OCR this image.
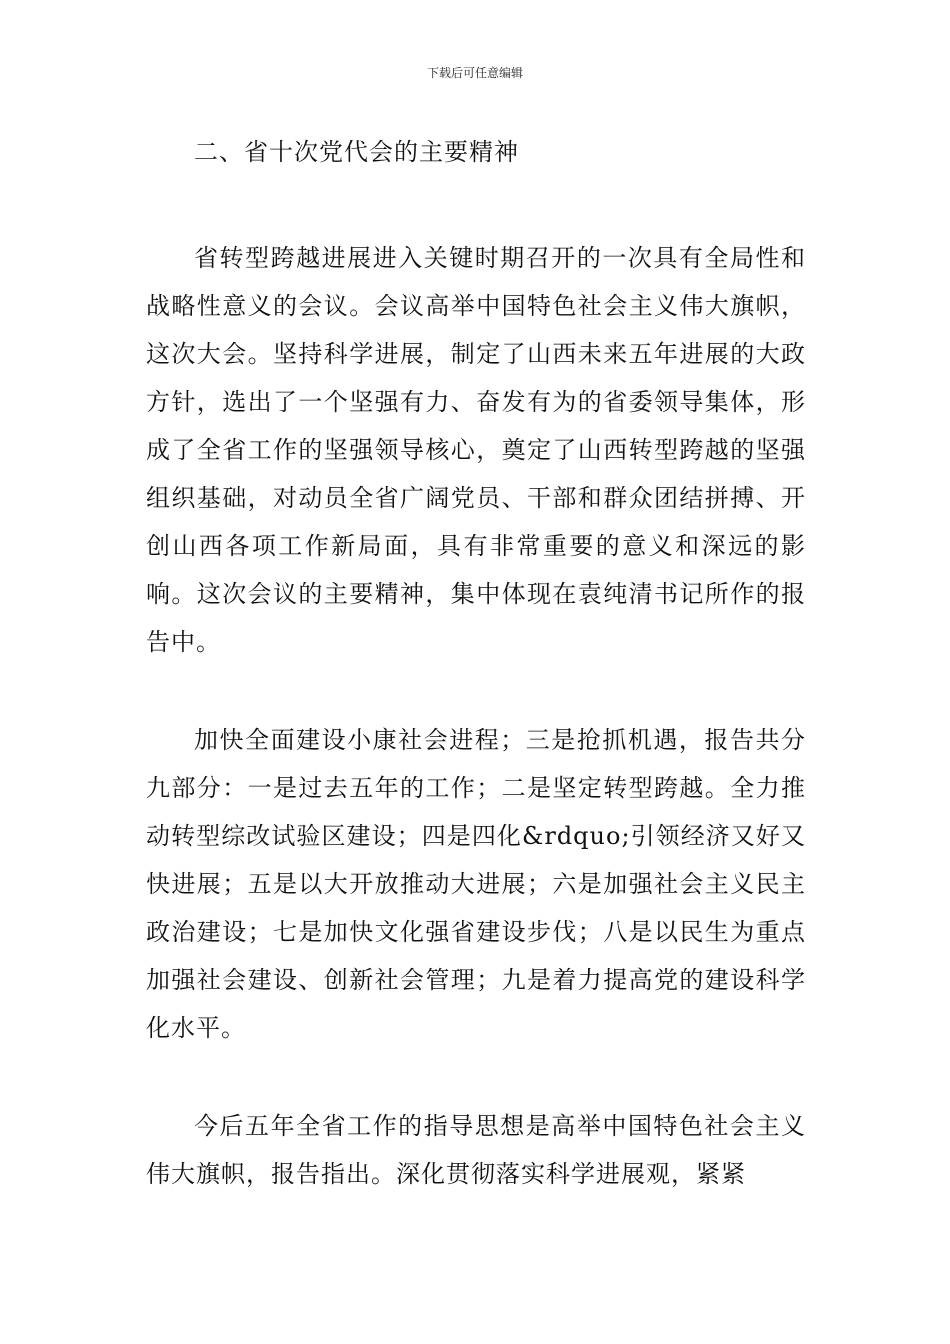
下载后可任意编辑
二、省十次党代会的主要精神

省转型跨越进展进入关键时期召开的一次具有全局性和战略性意义的会议。会议高举中国特色社会主义伟大旗帜，这次大会。坚持科学进展，制定了山西未来五年进展的大政方针，选出了一个坚强有力、奋发有为的省委领导集体，形成了全省工作的坚强领导核心，奠定了山西转型跨越的坚强组织基础，对动员全省广阔党员、干部和群众团结拼搏、开创山西各项工作新局面，具有非常重要的意义和深远的影响。这次会议的主要精神，集中体现在袁纯清书记所作的报告中。

加快全面建设小康社会进程；三是抢抓机遇，报告共分九部分：一是过去五年的工作；二是坚定转型跨越。全力推动转型综改试验区建设；四是四化&rdquo;引领经济又好又快进展；五是以大开放推动大进展；六是加强社会主义民主政治建设；七是加快文化强省建设步伐；八是以民生为重点加强社会建设、创新社会管理；九是着力提高党的建设科学化水平。

今后五年全省工作的指导思想是高举中国特色社会主义伟大旗帜，报告指出。深化贯彻落实科学进展观，紧紧
